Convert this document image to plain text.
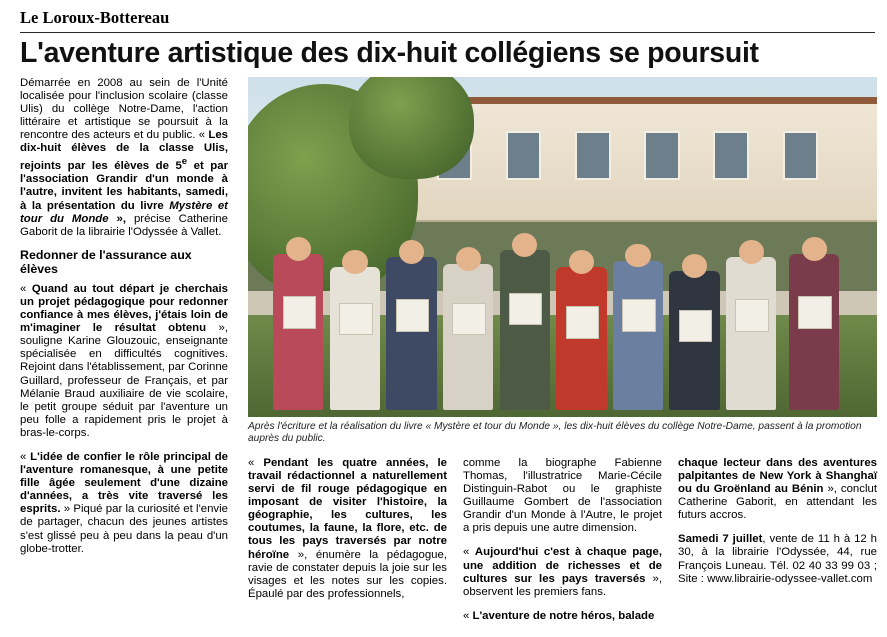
Le Loroux-Bottereau
L'aventure artistique des dix-huit collégiens se poursuit

Démarrée en 2008 au sein de l'Unité localisée pour l'inclusion scolaire (classe Ulis) du collège Notre-Dame, l'action littéraire et artistique se poursuit à la rencontre des acteurs et du public. « Les dix-huit élèves de la classe Ulis, rejoints par les élèves de 5e et par l'association Grandir d'un monde à l'autre, invitent les habitants, samedi, à la présentation du livre Mystère et tour du Monde », précise Catherine Gaborit de la librairie l'Odyssée à Vallet.

Redonner de l'assurance aux élèves

« Quand au tout départ je cherchais un projet pédagogique pour redonner confiance à mes élèves, j'étais loin de m'imaginer le résultat obtenu », souligne Karine Glouzouic, enseignante spécialisée en difficultés cognitives. Rejoint dans l'établissement, par Corinne Guillard, professeur de Français, et par Mélanie Braud auxiliaire de vie scolaire, le petit groupe séduit par l'aventure un peu folle a rapidement pris le projet à bras-le-corps.

« L'idée de confier le rôle principal de l'aventure romanesque, à une petite fille âgée seulement d'une dizaine d'années, a très vite traversé les esprits. » Piqué par la curiosité et l'envie de partager, chacun des jeunes artistes s'est glissé peu à peu dans la peau d'un globe-trotter.

Après l'écriture et la réalisation du livre « Mystère et tour du Monde », les dix-huit élèves du collège Notre-Dame, passent à la promotion auprès du public.

« Pendant les quatre années, le travail rédactionnel a naturellement servi de fil rouge pédagogique en imposant de visiter l'histoire, la géographie, les cultures, les coutumes, la faune, la flore, etc. de tous les pays traversés par notre héroïne », énumère la pédagogue, ravie de constater depuis la joie sur les visages et les notes sur les copies. Épaulé par des professionnels,

comme la biographe Fabienne Thomas, l'illustratrice Marie-Cécile Distinguin-Rabot ou le graphiste Guillaume Gombert de l'association Grandir d'un Monde à l'Autre, le projet a pris depuis une autre dimension.

« Aujourd'hui c'est à chaque page, une addition de richesses et de cultures sur les pays traversés », observent les premiers fans.

« L'aventure de notre héros, balade

chaque lecteur dans des aventures palpitantes de New York à Shanghaï ou du Groënland au Bénin », conclut Catherine Gaborit, en attendant les futurs accros.

Samedi 7 juillet, vente de 11 h à 12 h 30, à la librairie l'Odyssée, 44, rue François Luneau. Tél. 02 40 33 99 03 ; Site : www.librairie-odyssee-vallet.com
